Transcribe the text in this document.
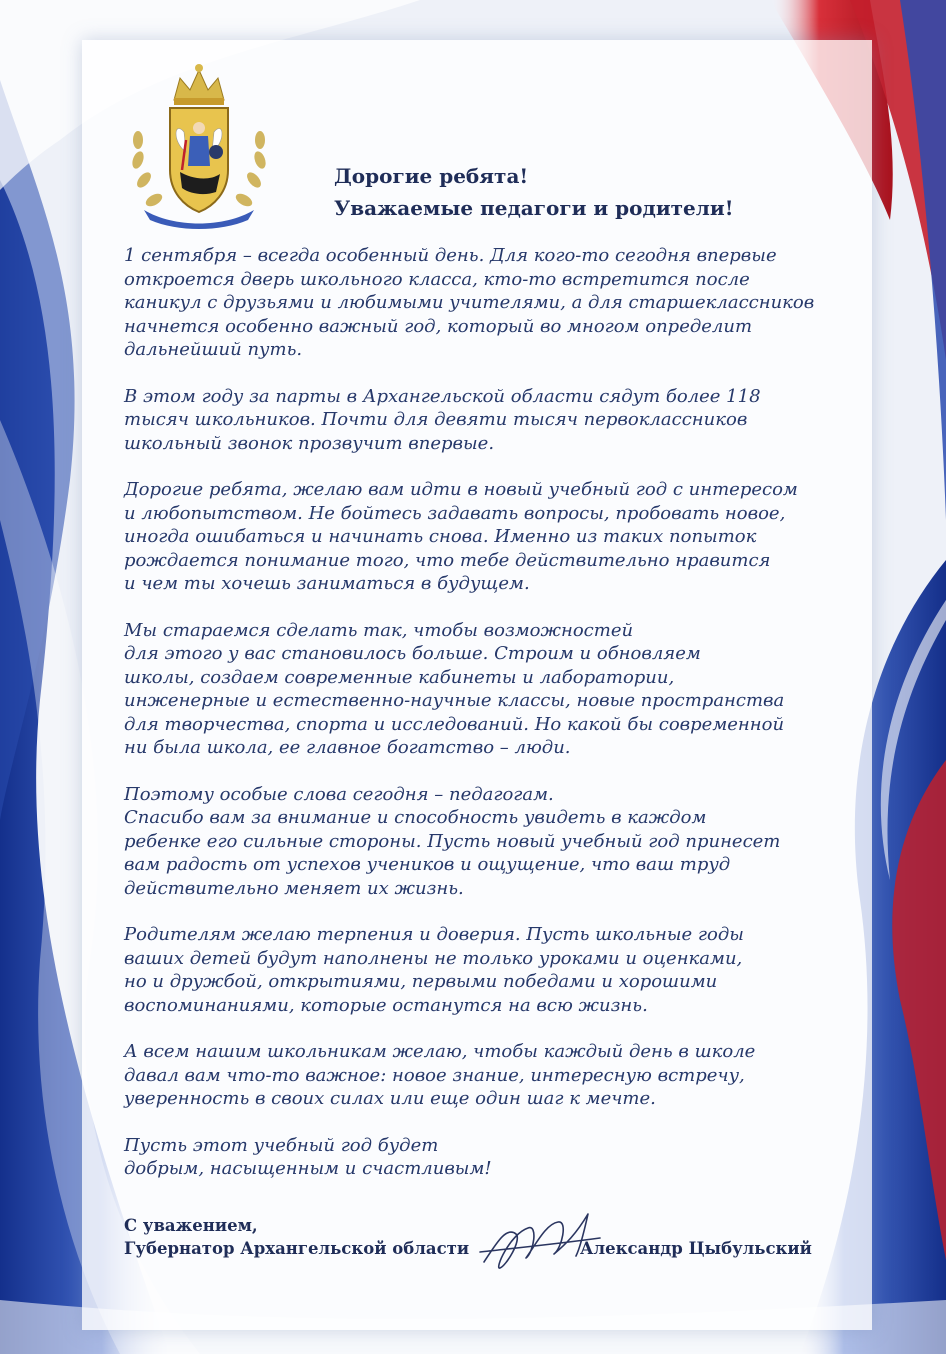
Дорогие ребята!
Уважаемые педагоги и родители!

1 сентября – всегда особенный день. Для кого-то сегодня впервые
откроется дверь школьного класса, кто-то встретится после
каникул с друзьями и любимыми учителями, а для старшеклассников
начнется особенно важный год, который во многом определит
дальнейший путь.

В этом году за парты в Архангельской области сядут более 118
тысяч школьников. Почти для девяти тысяч первоклассников
школьный звонок прозвучит впервые.

Дорогие ребята, желаю вам идти в новый учебный год с интересом
и любопытством. Не бойтесь задавать вопросы, пробовать новое,
иногда ошибаться и начинать снова. Именно из таких попыток
рождается понимание того, что тебе действительно нравится
и чем ты хочешь заниматься в будущем.

Мы стараемся сделать так, чтобы возможностей
для этого у вас становилось больше. Строим и обновляем
школы, создаем современные кабинеты и лаборатории,
инженерные и естественно-научные классы, новые пространства
для творчества, спорта и исследований. Но какой бы современной
ни была школа, ее главное богатство – люди.

Поэтому особые слова сегодня – педагогам.
Спасибо вам за внимание и способность увидеть в каждом
ребенке его сильные стороны. Пусть новый учебный год принесет
вам радость от успехов учеников и ощущение, что ваш труд
действительно меняет их жизнь.

Родителям желаю терпения и доверия. Пусть школьные годы
ваших детей будут наполнены не только уроками и оценками,
но и дружбой, открытиями, первыми победами и хорошими
воспоминаниями, которые останутся на всю жизнь.

А всем нашим школьникам желаю, чтобы каждый день в школе
давал вам что-то важное: новое знание, интересную встречу,
уверенность в своих силах или еще один шаг к мечте.

Пусть этот учебный год будет
добрым, насыщенным и счастливым!

С уважением,
Губернатор Архангельской области	Александр Цыбульский
